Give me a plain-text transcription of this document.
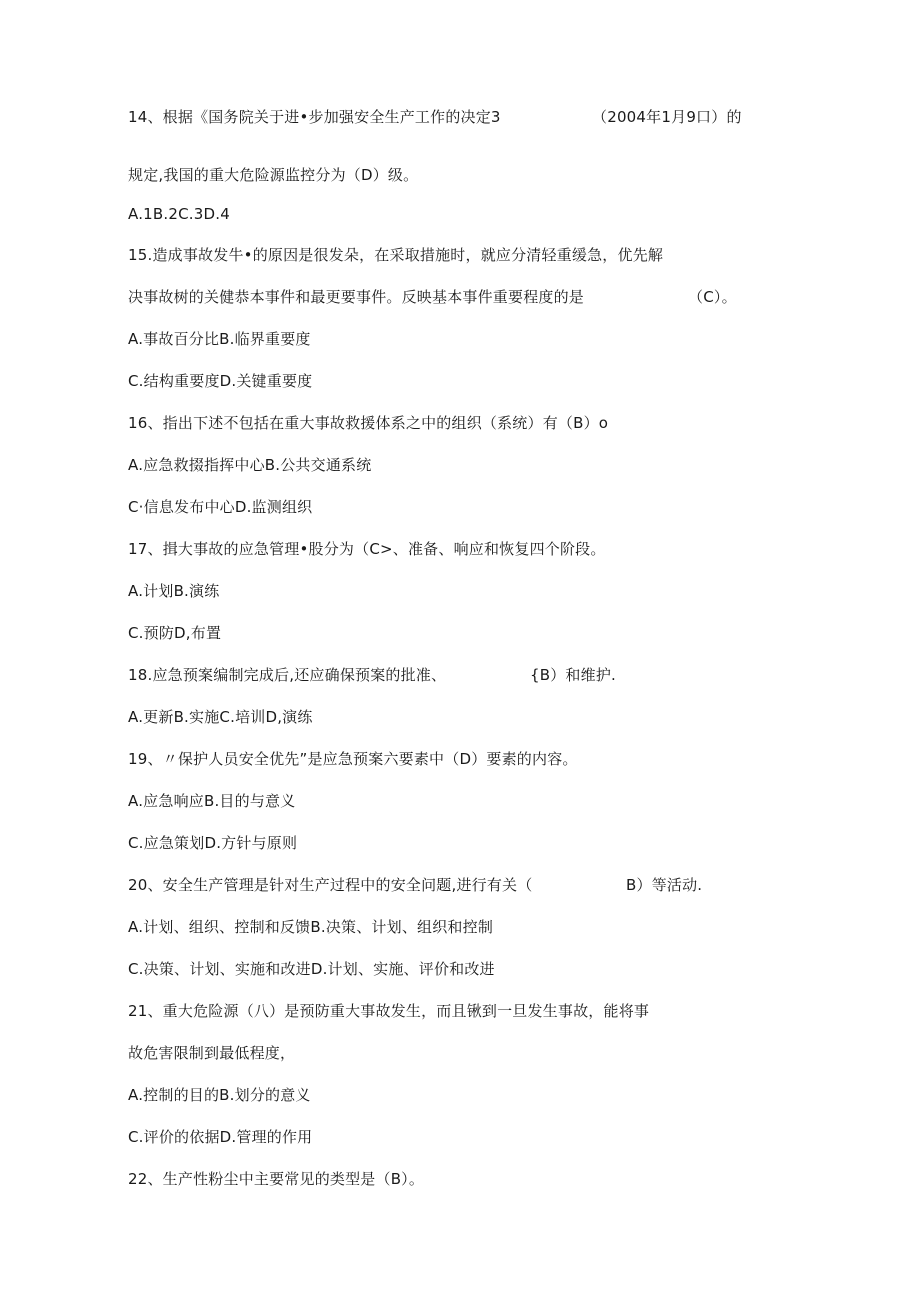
14、根据《国务院关于进•步加强安全生产工作的决定3	（2004年1月9口）的
规定,我国的重大危险源监控分为（D）级。
A.1B.2C.3D.4
15.造成事故发牛•的原因是很发朵，在采取措施时，就应分清轻重缓急，优先解
决事故树的关健恭本事件和最更要事件。反映基本事件重要程度的是	（C）。
A.事故百分比B.临界重要度
C.结构重要度D.关键重要度
16、指出下述不包括在重大事故救援体系之中的组织（系统）有（B）o
A.应急救掇指挥中心B.公共交通系统
C·信息发布中心D.监测组织
17、揖大事故的应急管理•股分为（C>、准备、响应和恢复四个阶段。
A.计划B.演练
C.预防D,布置
18.应急预案编制完成后,还应确保预案的批准、	{B）和维护.
A.更新B.实施C.培训D,演练
19、〃保护人员安全优先”是应急预案六要素中（D）要素的内容。
A.应急响应B.目的与意义
C.应急策划D.方针与原则
20、安全生产管理是针对生产过程中的安全问题,进行有关（	B）等活动.
A.计划、组织、控制和反馈B.决策、计划、组织和控制
C.决策、计划、实施和改进D.计划、实施、评价和改进
21、重大危险源（八）是预防重大事故发生，而且锹到一旦发生事故，能将事
故危害限制到最低程度，
A.控制的目的B.划分的意义
C.评价的依据D.管理的作用
22、生产性粉尘中主要常见的类型是（B）。
